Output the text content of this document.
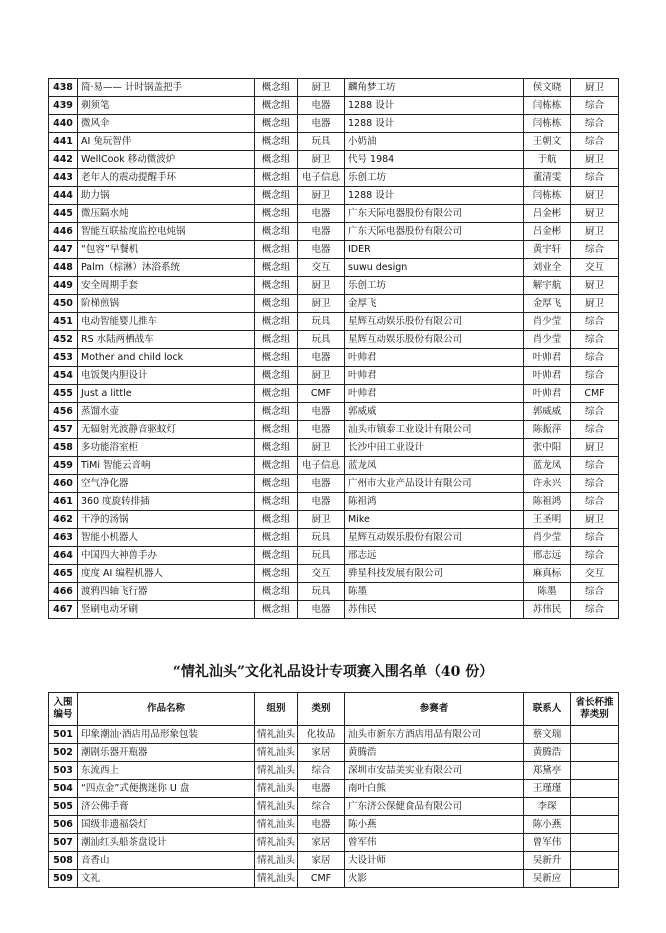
438	简·易—— 计时锅盖把手	概念组	厨卫	麟角梦工坊	侯文晓	厨卫
439	剃须笔	概念组	电器	1288 设计	闫栋栋	综合
440	微风伞	概念组	电器	1288 设计	闫栋栋	综合
441	AI 兔玩智伴	概念组	玩具	小奶油	王朝文	综合
442	WellCook 移动微波炉	概念组	厨卫	代号 1984	于航	厨卫
443	老年人的震动提醒手环	概念组	电子信息	乐创工坊	董清雯	综合
444	助力锅	概念组	厨卫	1288 设计	闫栋栋	厨卫
445	微压隔水炖	概念组	电器	广东天际电器股份有限公司	吕金彬	厨卫
446	智能互联盐度监控电炖锅	概念组	电器	广东天际电器股份有限公司	吕金彬	厨卫
447	“包容”早餐机	概念组	电器	IDER	黄宇轩	综合
448	Palm（棕淋）沐浴系统	概念组	交互	suwu design	刘业全	交互
449	安全周期手套	概念组	厨卫	乐创工坊	解宇航	厨卫
450	阶梯煎锅	概念组	厨卫	金厚飞	金厚飞	厨卫
451	电动智能婴儿推车	概念组	玩具	星辉互动娱乐股份有限公司	肖少莹	综合
452	RS 水陆两栖战车	概念组	玩具	星辉互动娱乐股份有限公司	肖少莹	综合
453	Mother and child lock	概念组	电器	叶帅君	叶帅君	综合
454	电饭煲内胆设计	概念组	厨卫	叶帅君	叶帅君	综合
455	Just a little	概念组	CMF	叶帅君	叶帅君	CMF
456	蒸馏水壶	概念组	电器	郭威威	郭威威	综合
457	无辐射光波静音驱蚊灯	概念组	电器	汕头市镇泰工业设计有限公司	陈振萍	综合
458	多功能浴室柜	概念组	厨卫	长沙中田工业设计	张中阳	厨卫
459	TiMi 智能云音响	概念组	电子信息	蓝龙凤	蓝龙凤	综合
460	空气净化器	概念组	电器	广州市大业产品设计有限公司	许永兴	综合
461	360 度旋转排插	概念组	电器	陈祖鸿	陈祖鸿	综合
462	干净的汤锅	概念组	厨卫	Mike	王圣明	厨卫
463	智能小机器人	概念组	玩具	星辉互动娱乐股份有限公司	肖少莹	综合
464	中国四大神兽手办	概念组	玩具	邢志远	邢志远	综合
465	度度 AI 编程机器人	概念组	交互	骅星科技发展有限公司	麻真标	交互
466	渡鸦四轴飞行器	概念组	玩具	陈墨	陈墨	综合
467	竖刷电动牙刷	概念组	电器	苏伟民	苏伟民	综合
“情礼汕头”文化礼品设计专项赛入围名单（40 份）
入围编号	作品名称	组别	类别	参赛者	联系人	省长杯推荐类别
501	印象潮汕·酒店用品形象包装	情礼汕头	化妆品	汕头市新东方酒店用品有限公司	蔡文瑞	
502	潮剧乐器开瓶器	情礼汕头	家居	黄腾浩	黄腾浩	
503	东流西上	情礼汕头	综合	深圳市安喆美实业有限公司	郑黛亭	
504	“四点金”式便携迷你 U 盘	情礼汕头	电器	南叶白熊	王瑾瑾	
505	济公佛手膏	情礼汕头	综合	广东济公保健食品有限公司	李琛	
506	国级非遗福袋灯	情礼汕头	电器	陈小燕	陈小燕	
507	潮汕红头船茶盘设计	情礼汕头	家居	曾军伟	曾军伟	
508	音香山	情礼汕头	家居	大设计师	吴新升	
509	文礼	情礼汕头	CMF	火影	吴新应	
